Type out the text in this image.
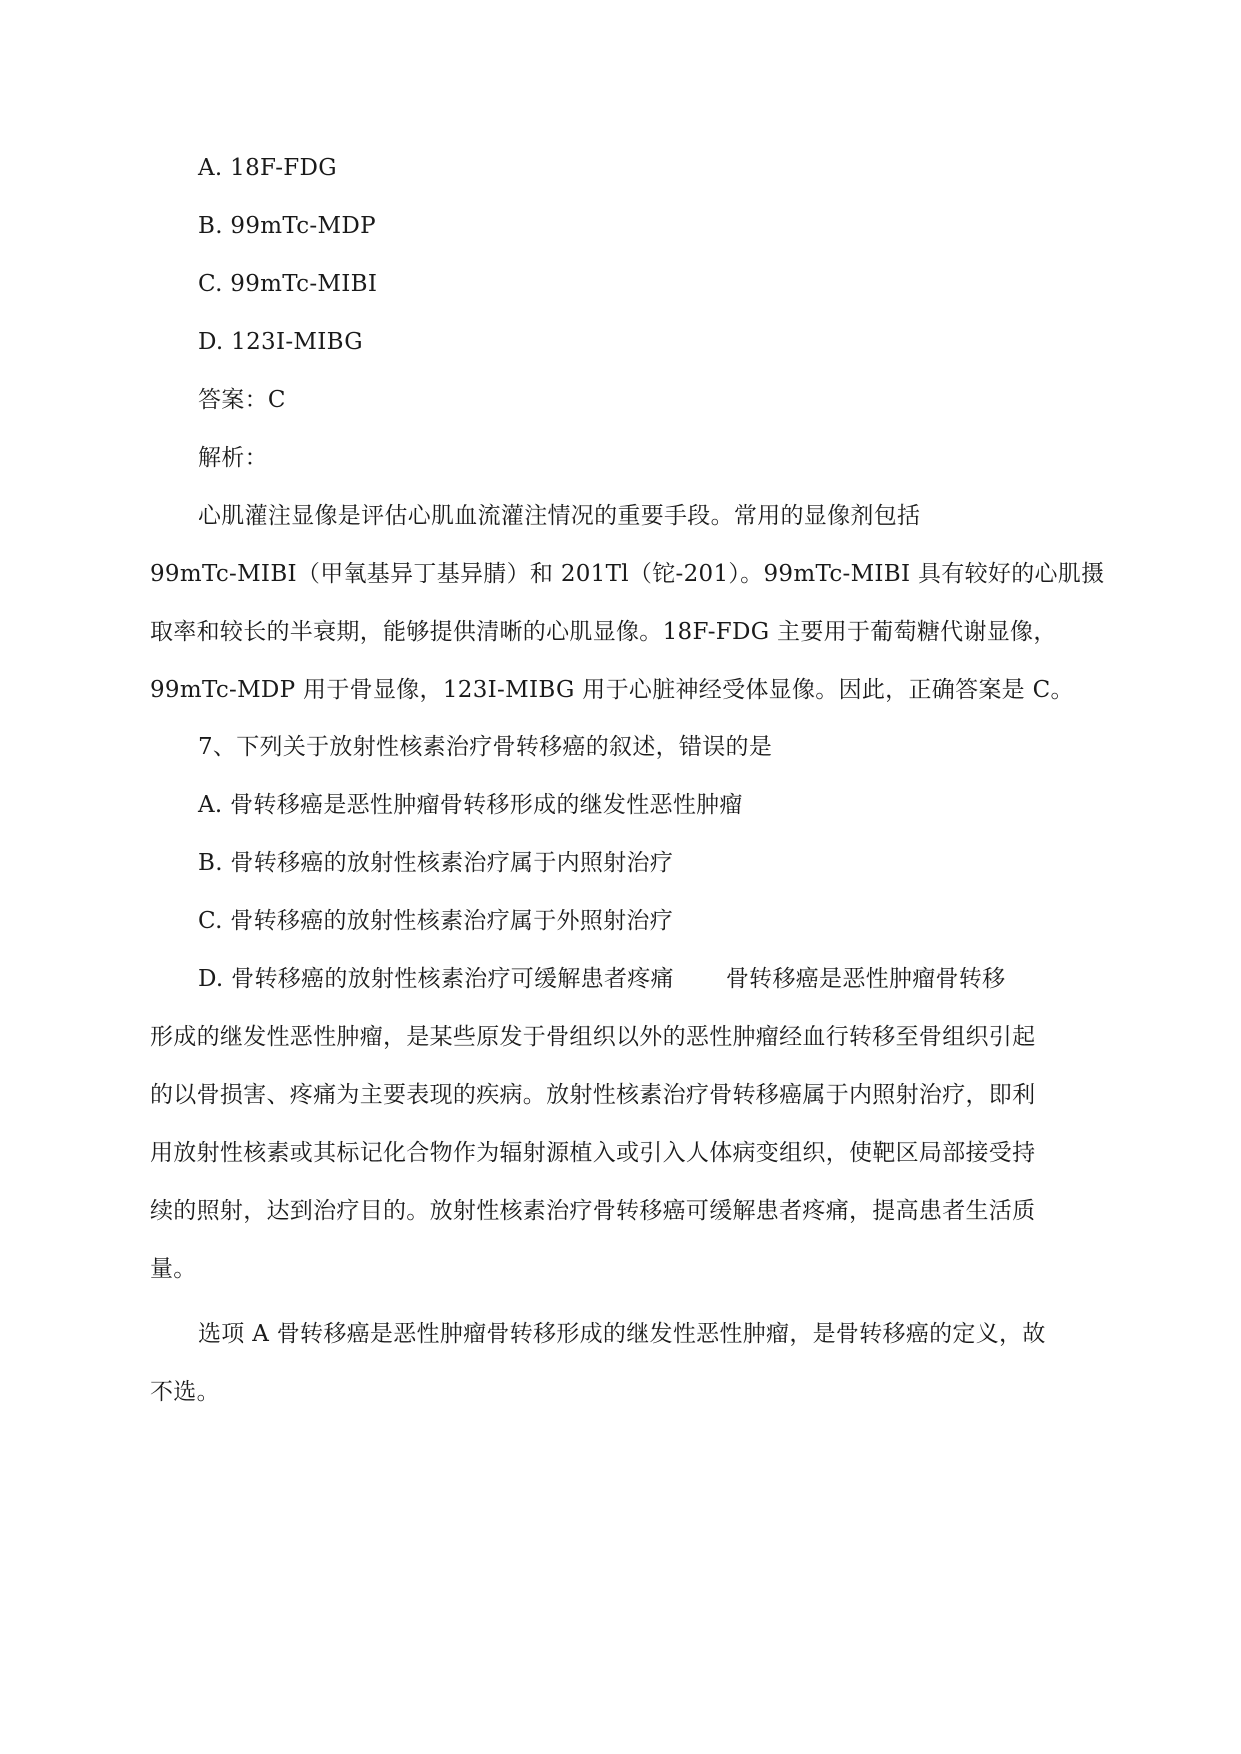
A. 18F-FDG
B. 99mTc-MDP
C. 99mTc-MIBI
D. 123I-MIBG
答案：C
解析：
心肌灌注显像是评估心肌血流灌注情况的重要手段。常用的显像剂包括
99mTc-MIBI（甲氧基异丁基异腈）和 201Tl（铊-201）。99mTc-MIBI 具有较好的心肌摄
取率和较长的半衰期，能够提供清晰的心肌显像。18F-FDG 主要用于葡萄糖代谢显像，
99mTc-MDP 用于骨显像，123I-MIBG 用于心脏神经受体显像。因此，正确答案是 C。
7、下列关于放射性核素治疗骨转移癌的叙述，错误的是
A. 骨转移癌是恶性肿瘤骨转移形成的继发性恶性肿瘤
B. 骨转移癌的放射性核素治疗属于内照射治疗
C. 骨转移癌的放射性核素治疗属于外照射治疗
D. 骨转移癌的放射性核素治疗可缓解患者疼痛 骨转移癌是恶性肿瘤骨转移
形成的继发性恶性肿瘤，是某些原发于骨组织以外的恶性肿瘤经血行转移至骨组织引起
的以骨损害、疼痛为主要表现的疾病。放射性核素治疗骨转移癌属于内照射治疗，即利
用放射性核素或其标记化合物作为辐射源植入或引入人体病变组织，使靶区局部接受持
续的照射，达到治疗目的。放射性核素治疗骨转移癌可缓解患者疼痛，提高患者生活质
量。
选项 A 骨转移癌是恶性肿瘤骨转移形成的继发性恶性肿瘤，是骨转移癌的定义，故
不选。
